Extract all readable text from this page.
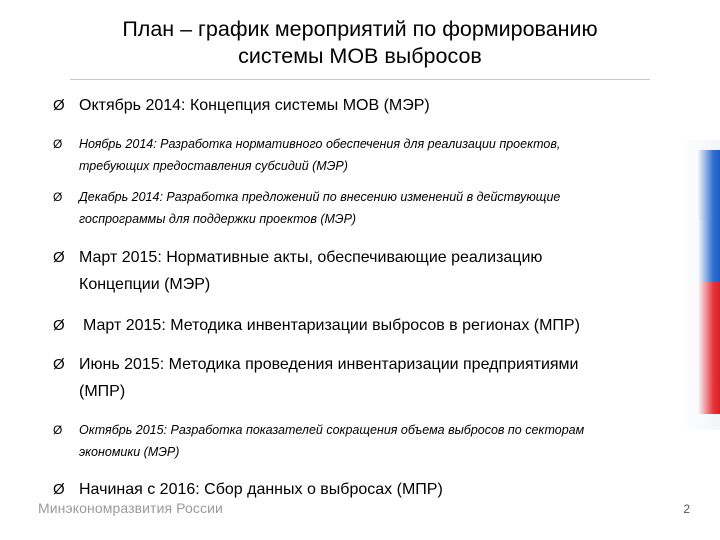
План – график мероприятий по формированию
системы МОВ выбросов
Ø Октябрь 2014: Концепция системы МОВ (МЭР)
Ø	Ноябрь 2014: Разработка нормативного обеспечения для реализации проектов,
требующих предоставления субсидий (МЭР)
Ø	Декабрь 2014: Разработка предложений по внесению изменений в действующие
госпрограммы для поддержки проектов (МЭР)
Ø Март 2015: Нормативные акты, обеспечивающие реализацию
Концепции (МЭР)
Ø Март 2015: Методика инвентаризации выбросов в регионах (МПР)
Ø Июнь 2015: Методика проведения инвентаризации предприятиями
(МПР)
Ø	Октябрь 2015: Разработка показателей сокращения объема выбросов по секторам
экономики (МЭР)
Ø Начиная с 2016: Сбор данных о выбросах (МПР)
Минэкономразвития России	2
